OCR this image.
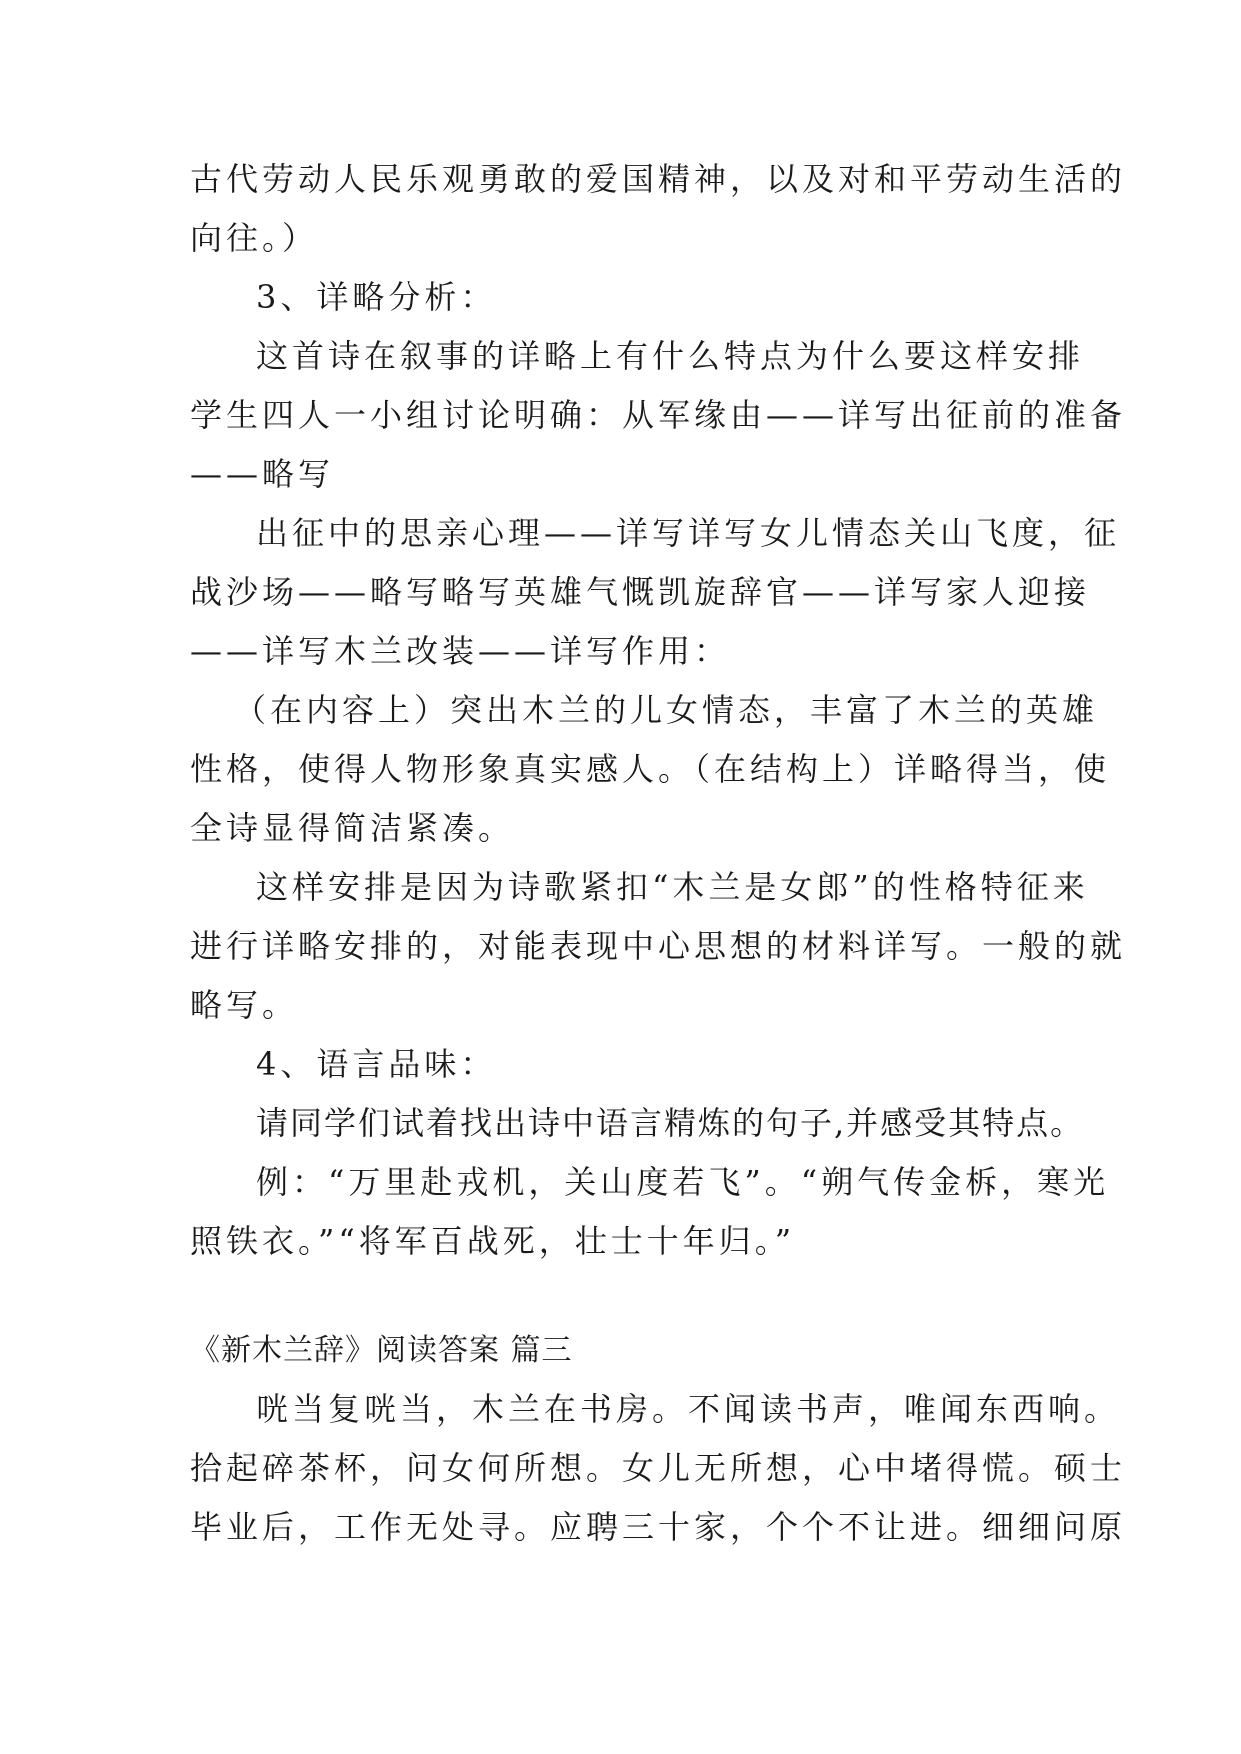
古代劳动人民乐观勇敢的爱国精神，以及对和平劳动生活的

向往。）

3、详略分析：

这首诗在叙事的详略上有什么特点为什么要这样安排

学生四人一小组讨论明确：从军缘由——详写出征前的准备

——略写

出征中的思亲心理——详写详写女儿情态关山飞度，征

战沙场——略写略写英雄气慨凯旋辞官——详写家人迎接

——详写木兰改装——详写作用：

（在内容上）突出木兰的儿女情态，丰富了木兰的英雄

性格，使得人物形象真实感人。（在结构上）详略得当，使

全诗显得简洁紧凑。

这样安排是因为诗歌紧扣“木兰是女郎”的性格特征来

进行详略安排的，对能表现中心思想的材料详写。一般的就

略写。

4、语言品味：

请同学们试着找出诗中语言精炼的句子,并感受其特点。

例：“万里赴戎机，关山度若飞”。“朔气传金柝，寒光

照铁衣。”“将军百战死，壮士十年归。”

《新木兰辞》阅读答案 篇三

咣当复咣当，木兰在书房。不闻读书声，唯闻东西响。

拾起碎茶杯，问女何所想。女儿无所想，心中堵得慌。硕士

毕业后，工作无处寻。应聘三十家，个个不让进。细细问原
